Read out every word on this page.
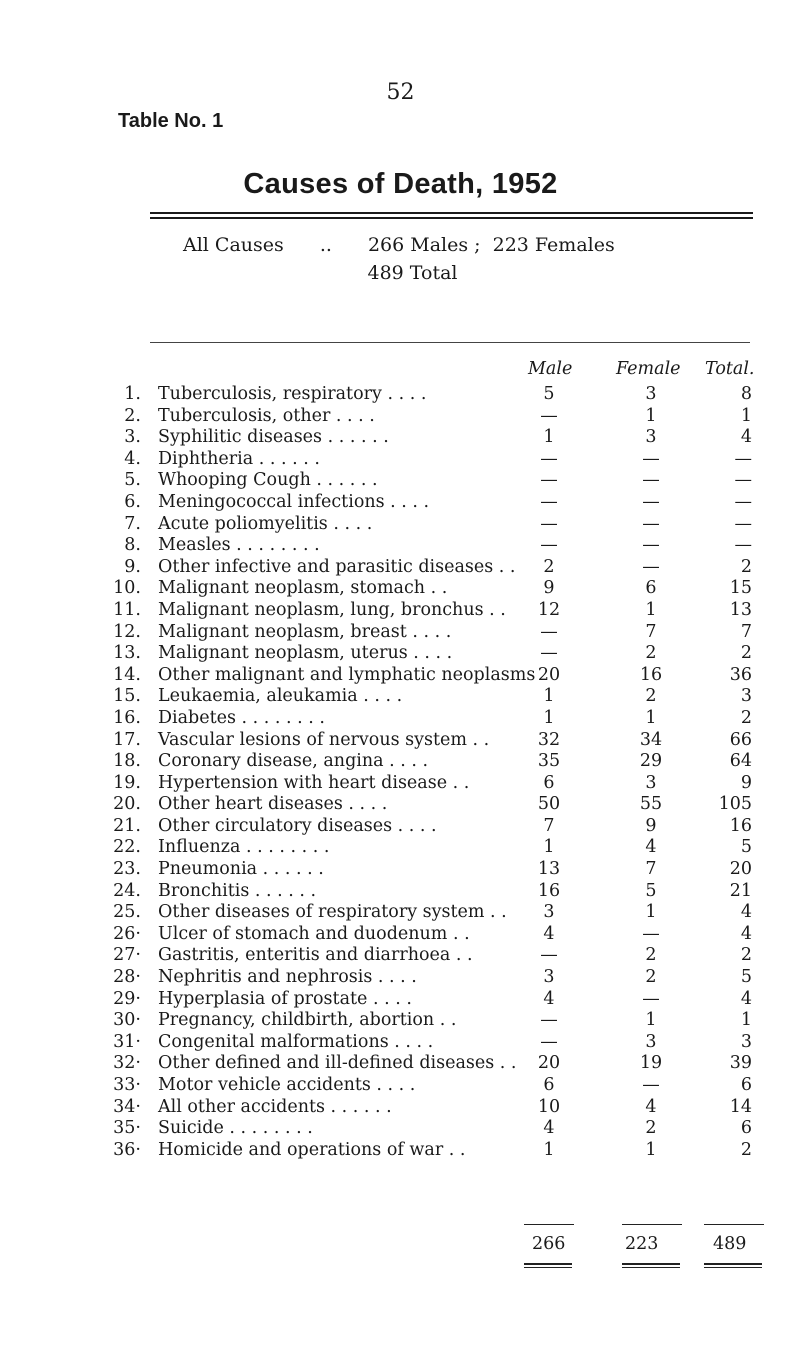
52
Table No. 1
Causes of Death, 1952
All Causes .. 266 Males ; 223 Females
489 Total
Male Female Total.
1. Tuberculosis, respiratory . . . .	5	3	8
2. Tuberculosis, other . . . .	—	1	1
3. Syphilitic diseases . . . . . .	1	3	4
4. Diphtheria . . . . . .	—	—	—
5. Whooping Cough . . . . . .	—	—	—
6. Meningococcal infections . . . .	—	—	—
7. Acute poliomyelitis . . . .	—	—	—
8. Measles . . . . . . . .	—	—	—
9. Other infective and parasitic diseases . .	2	—	2
10. Malignant neoplasm, stomach . .	9	6	15
11. Malignant neoplasm, lung, bronchus . .	12	1	13
12. Malignant neoplasm, breast . . . .	—	7	7
13. Malignant neoplasm, uterus . . . .	—	2	2
14. Other malignant and lymphatic neoplasms 20	16	36
15. Leukaemia, aleukamia . . . .	1	2	3
16. Diabetes . . . . . . . .	1	1	2
17. Vascular lesions of nervous system . .	32	34	66
18. Coronary disease, angina . . . .	35	29	64
19. Hypertension with heart disease . .	6	3	9
20. Other heart diseases . . . .	50	55	105
21. Other circulatory diseases . . . .	7	9	16
22. Influenza . . . . . . . .	1	4	5
23. Pneumonia . . . . . .	13	7	20
24. Bronchitis . . . . . .	16	5	21
25. Other diseases of respiratory system . .	3	1	4
26· Ulcer of stomach and duodenum . .	4	—	4
27· Gastritis, enteritis and diarrhoea . .	—	2	2
28· Nephritis and nephrosis . . . .	3	2	5
29· Hyperplasia of prostate . . . .	4	—	4
30· Pregnancy, childbirth, abortion . .	—	1	1
31· Congenital malformations . . . .	—	3	3
32· Other defined and ill-defined diseases . .	20	19	39
33· Motor vehicle accidents . . . .	6	—	6
34· All other accidents . . . . . .	10	4	14
35· Suicide . . . . . . . .	4	2	6
36· Homicide and operations of war . .	1	1	2
266	223	489
